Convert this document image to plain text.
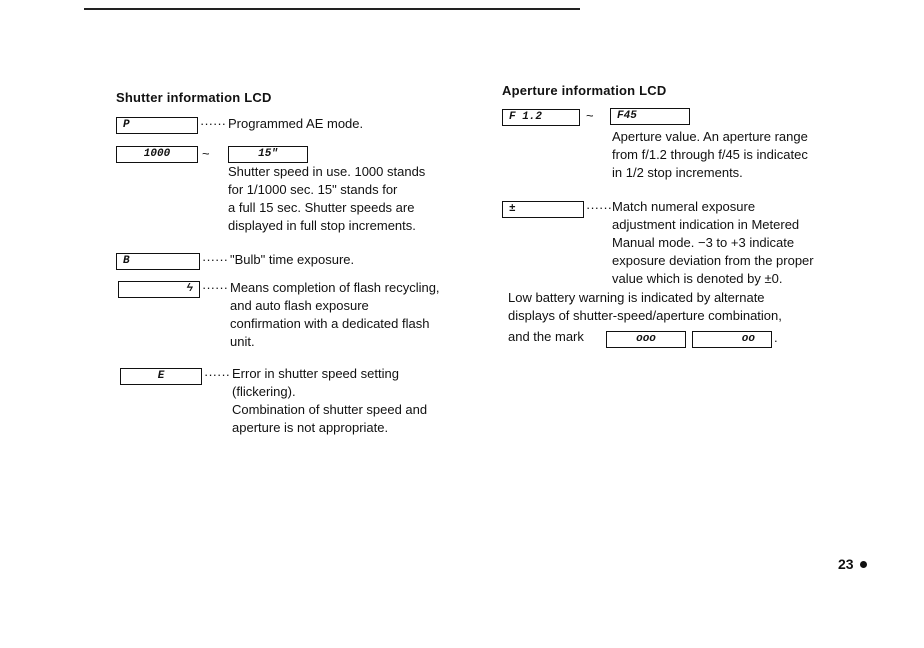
Shutter information LCD
P	······ Programmed AE mode.
1000	~	15"
Shutter speed in use. 1000 stands
for 1/1000 sec. 15" stands for
a full 15 sec. Shutter speeds are
displayed in full stop increments.
B	······ "Bulb" time exposure.
ϟ ······ Means completion of flash recycling,
and auto flash exposure
confirmation with a dedicated flash
unit.
E	······ Error in shutter speed setting
(flickering).
Combination of shutter speed and
aperture is not appropriate.
Aperture information LCD
F 1.2	~	F45
Aperture value. An aperture range
from f/1.2 through f/45 is indicatec
in 1/2 stop increments.
±	······ Match numeral exposure
adjustment indication in Metered
Manual mode. −3 to +3 indicate
exposure deviation from the proper
value which is denoted by ±0.
Low battery warning is indicated by alternate
displays of shutter-speed/aperture combination,
and the mark	ooo	oo	.
23
